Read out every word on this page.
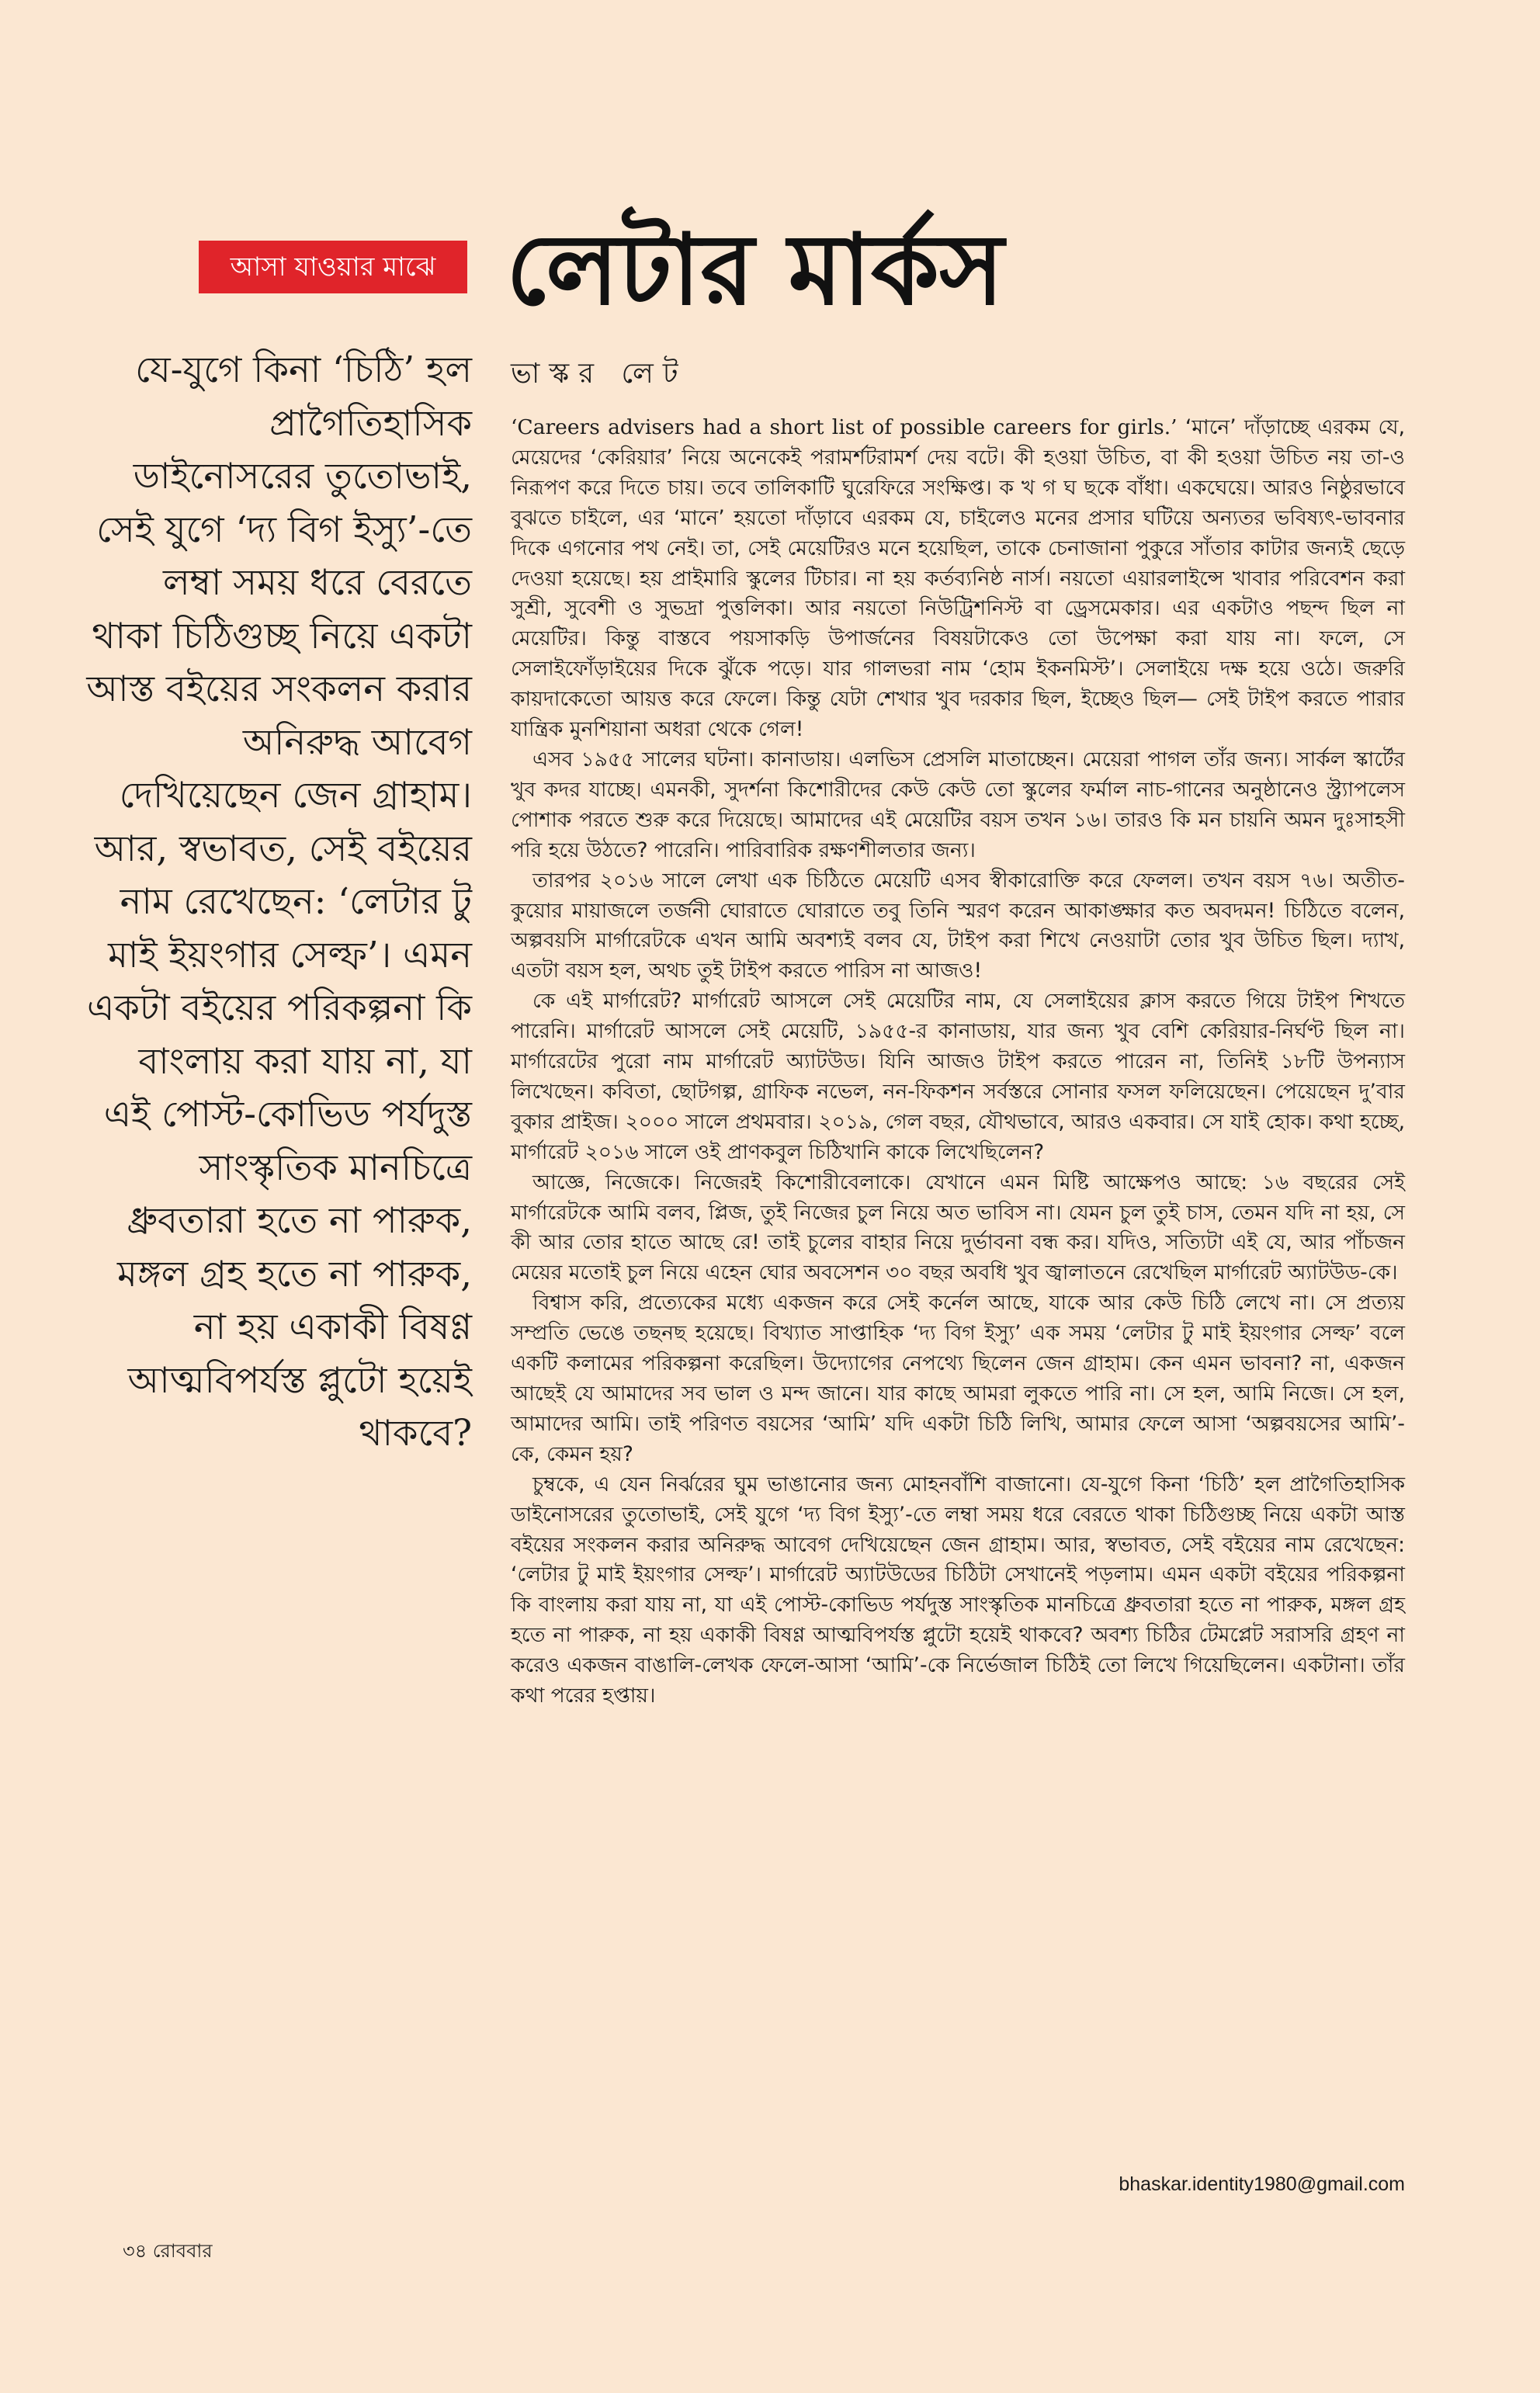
আসা যাওয়ার মাঝে লেটার মার্কস
যে-যুগে কিনা ‘চিঠি’ হল প্রাগৈতিহাসিক ডাইনোসরের তুতোভাই, সেই যুগে ‘দ্য বিগ ইস্যু’-তে লম্বা সময় ধরে বেরতে থাকা চিঠিগুচ্ছ নিয়ে একটা আস্ত বইয়ের সংকলন করার অনিরুদ্ধ আবেগ দেখিয়েছেন জেন গ্রাহাম। আর, স্বভাবত, সেই বইয়ের নাম রেখেছেন: ‘লেটার টু মাই ইয়ংগার সেল্ফ’। এমন একটা বইয়ের পরিকল্পনা কি বাংলায় করা যায় না, যা এই পোস্ট-কোভিড পর্যদুস্ত সাংস্কৃতিক মানচিত্রে ধ্রুবতারা হতে না পারুক, মঙ্গল গ্রহ হতে না পারুক, না হয় একাকী বিষণ্ণ আত্মবিপর্যস্ত প্লুটো হয়েই থাকবে?
ভাস্কর লেট

‘Careers advisers had a short list of possible careers for girls.’ ‘মানে’ দাঁড়াচ্ছে এরকম যে, মেয়েদের ‘কেরিয়ার’ নিয়ে অনেকেই পরামর্শটরামর্শ দেয় বটে। কী হওয়া উচিত, বা কী হওয়া উচিত নয় তা-ও নিরূপণ করে দিতে চায়। তবে তালিকাটি ঘুরেফিরে সংক্ষিপ্ত। ক খ গ ঘ ছকে বাঁধা। একঘেয়ে। আরও নিষ্ঠুরভাবে বুঝতে চাইলে, এর ‘মানে’ হয়তো দাঁড়াবে এরকম যে, চাইলেও মনের প্রসার ঘটিয়ে অন্যতর ভবিষ্যৎ-ভাবনার দিকে এগনোর পথ নেই। তা, সেই মেয়েটিরও মনে হয়েছিল, তাকে চেনাজানা পুকুরে সাঁতার কাটার জন্যই ছেড়ে দেওয়া হয়েছে। হয় প্রাইমারি স্কুলের টিচার। না হয় কর্তব্যনিষ্ঠ নার্স। নয়তো এয়ারলাইন্সে খাবার পরিবেশন করা সুশ্রী, সুবেশী ও সুভদ্রা পুত্তলিকা। আর নয়তো নিউট্রিশনিস্ট বা ড্রেসমেকার। এর একটাও পছন্দ ছিল না মেয়েটির। কিন্তু বাস্তবে পয়সাকড়ি উপার্জনের বিষয়টাকেও তো উপেক্ষা করা যায় না। ফলে, সে সেলাইফোঁড়াইয়ের দিকে ঝুঁকে পড়ে। যার গালভরা নাম ‘হোম ইকনমিস্ট’। সেলাইয়ে দক্ষ হয়ে ওঠে। জরুরি কায়দাকেতো আয়ত্ত করে ফেলে। কিন্তু যেটা শেখার খুব দরকার ছিল, ইচ্ছেও ছিল— সেই টাইপ করতে পারার যান্ত্রিক মুনশিয়ানা অধরা থেকে গেল!

এসব ১৯৫৫ সালের ঘটনা। কানাডায়। এলভিস প্রেসলি মাতাচ্ছেন। মেয়েরা পাগল তাঁর জন্য। সার্কল স্কার্টের খুব কদর যাচ্ছে। এমনকী, সুদর্শনা কিশোরীদের কেউ কেউ তো স্কুলের ফর্মাল নাচ-গানের অনুষ্ঠানেও স্ট্র্যাপলেস পোশাক পরতে শুরু করে দিয়েছে। আমাদের এই মেয়েটির বয়স তখন ১৬। তারও কি মন চায়নি অমন দুঃসাহসী পরি হয়ে উঠতে? পারেনি। পারিবারিক রক্ষণশীলতার জন্য।

তারপর ২০১৬ সালে লেখা এক চিঠিতে মেয়েটি এসব স্বীকারোক্তি করে ফেলল। তখন বয়স ৭৬। অতীত-কুয়োর মায়াজলে তর্জনী ঘোরাতে ঘোরাতে তবু তিনি স্মরণ করেন আকাঙ্ক্ষার কত অবদমন! চিঠিতে বলেন, অল্পবয়সি মার্গারেটকে এখন আমি অবশ্যই বলব যে, টাইপ করা শিখে নেওয়াটা তোর খুব উচিত ছিল। দ্যাখ, এতটা বয়স হল, অথচ তুই টাইপ করতে পারিস না আজও!

কে এই মার্গারেট? মার্গারেট আসলে সেই মেয়েটির নাম, যে সেলাইয়ের ক্লাস করতে গিয়ে টাইপ শিখতে পারেনি। মার্গারেট আসলে সেই মেয়েটি, ১৯৫৫-র কানাডায়, যার জন্য খুব বেশি কেরিয়ার-নির্ঘণ্ট ছিল না। মার্গারেটের পুরো নাম মার্গারেট অ্যাটউড। যিনি আজও টাইপ করতে পারেন না, তিনিই ১৮টি উপন্যাস লিখেছেন। কবিতা, ছোটগল্প, গ্রাফিক নভেল, নন-ফিকশন সর্বস্তরে সোনার ফসল ফলিয়েছেন। পেয়েছেন দু’বার বুকার প্রাইজ। ২০০০ সালে প্রথমবার। ২০১৯, গেল বছর, যৌথভাবে, আরও একবার। সে যাই হোক। কথা হচ্ছে, মার্গারেট ২০১৬ সালে ওই প্রাণকবুল চিঠিখানি কাকে লিখেছিলেন?

আজ্ঞে, নিজেকে। নিজেরই কিশোরীবেলাকে। যেখানে এমন মিষ্টি আক্ষেপও আছে: ১৬ বছরের সেই মার্গারেটকে আমি বলব, প্লিজ, তুই নিজের চুল নিয়ে অত ভাবিস না। যেমন চুল তুই চাস, তেমন যদি না হয়, সে কী আর তোর হাতে আছে রে! তাই চুলের বাহার নিয়ে দুর্ভাবনা বন্ধ কর। যদিও, সত্যিটা এই যে, আর পাঁচজন মেয়ের মতোই চুল নিয়ে এহেন ঘোর অবসেশন ৩০ বছর অবধি খুব জ্বালাতনে রেখেছিল মার্গারেট অ্যাটউড-কে।

বিশ্বাস করি, প্রত্যেকের মধ্যে একজন করে সেই কর্নেল আছে, যাকে আর কেউ চিঠি লেখে না। সে প্রত্যয় সম্প্রতি ভেঙে তছনছ হয়েছে। বিখ্যাত সাপ্তাহিক ‘দ্য বিগ ইস্যু’ এক সময় ‘লেটার টু মাই ইয়ংগার সেল্ফ’ বলে একটি কলামের পরিকল্পনা করেছিল। উদ্যোগের নেপথ্যে ছিলেন জেন গ্রাহাম। কেন এমন ভাবনা? না, একজন আছেই যে আমাদের সব ভাল ও মন্দ জানে। যার কাছে আমরা লুকতে পারি না। সে হল, আমি নিজে। সে হল, আমাদের আমি। তাই পরিণত বয়সের ‘আমি’ যদি একটা চিঠি লিখি, আমার ফেলে আসা ‘অল্পবয়সের আমি’-কে, কেমন হয়?

চুম্বকে, এ যেন নির্ঝরের ঘুম ভাঙানোর জন্য মোহনবাঁশি বাজানো। যে-যুগে কিনা ‘চিঠি’ হল প্রাগৈতিহাসিক ডাইনোসরের তুতোভাই, সেই যুগে ‘দ্য বিগ ইস্যু’-তে লম্বা সময় ধরে বেরতে থাকা চিঠিগুচ্ছ নিয়ে একটা আস্ত বইয়ের সংকলন করার অনিরুদ্ধ আবেগ দেখিয়েছেন জেন গ্রাহাম। আর, স্বভাবত, সেই বইয়ের নাম রেখেছেন: ‘লেটার টু মাই ইয়ংগার সেল্ফ’। মার্গারেট অ্যাটউডের চিঠিটা সেখানেই পড়লাম। এমন একটা বইয়ের পরিকল্পনা কি বাংলায় করা যায় না, যা এই পোস্ট-কোভিড পর্যদুস্ত সাংস্কৃতিক মানচিত্রে ধ্রুবতারা হতে না পারুক, মঙ্গল গ্রহ হতে না পারুক, না হয় একাকী বিষণ্ণ আত্মবিপর্যস্ত প্লুটো হয়েই থাকবে? অবশ্য চিঠির টেমপ্লেট সরাসরি গ্রহণ না করেও একজন বাঙালি-লেখক ফেলে-আসা ‘আমি’-কে নির্ভেজাল চিঠিই তো লিখে গিয়েছিলেন। একটানা। তাঁর কথা পরের হপ্তায়।

bhaskar.identity1980@gmail.com
৩৪ রোববার
